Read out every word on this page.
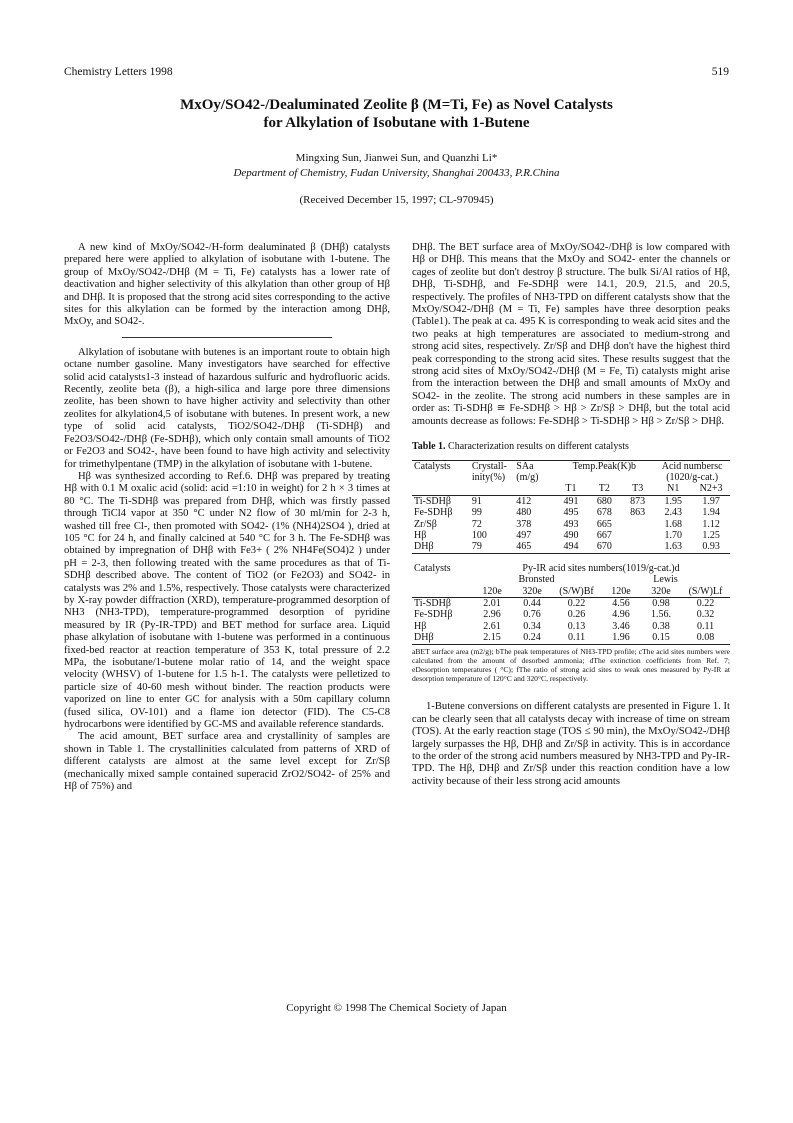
Chemistry Letters 1998	519
MxOy/SO42-/Dealuminated Zeolite β (M=Ti, Fe) as Novel Catalysts
for Alkylation of Isobutane with 1-Butene
Mingxing Sun, Jianwei Sun, and Quanzhi Li*
Department of Chemistry, Fudan University, Shanghai 200433, P.R.China
(Received December 15, 1997; CL-970945)

A new kind of MxOy/SO42-/H-form dealuminated β (DHβ) catalysts prepared here were applied to alkylation of isobutane with 1-butene. The group of MxOy/SO42-/DHβ (M = Ti, Fe) catalysts has a lower rate of deactivation and higher selectivity of this alkylation than other group of Hβ and DHβ. It is proposed that the strong acid sites corresponding to the active sites for this alkylation can be formed by the interaction among DHβ, MxOy, and SO42-.

Alkylation of isobutane with butenes is an important route to obtain high octane number gasoline. Many investigators have searched for effective solid acid catalysts1-3 instead of hazardous sulfuric and hydrofluoric acids. Recently, zeolite beta (β), a high-silica and large pore three dimensions zeolite, has been shown to have higher activity and selectivity than other zeolites for alkylation4,5 of isobutane with butenes. In present work, a new type of solid acid catalysts, TiO2/SO42-/DHβ (Ti-SDHβ) and Fe2O3/SO42-/DHβ (Fe-SDHβ), which only contain small amounts of TiO2 or Fe2O3 and SO42-, have been found to have high activity and selectivity for trimethylpentane (TMP) in the alkylation of isobutane with 1-butene.

Hβ was synthesized according to Ref.6. DHβ was prepared by treating Hβ with 0.1 M oxalic acid (solid: acid =1:10 in weight) for 2 h × 3 times at 80 °C. The Ti-SDHβ was prepared from DHβ, which was firstly passed through TiCl4 vapor at 350 °C under N2 flow of 30 ml/min for 2-3 h, washed till free Cl-, then promoted with SO42- (1% (NH4)2SO4 ), dried at 105 °C for 24 h, and finally calcined at 540 °C for 3 h. The Fe-SDHβ was obtained by impregnation of DHβ with Fe3+ ( 2% NH4Fe(SO4)2 ) under pH = 2-3, then following treated with the same procedures as that of Ti-SDHβ described above. The content of TiO2 (or Fe2O3) and SO42- in catalysts was 2% and 1.5%, respectively. Those catalysts were characterized by X-ray powder diffraction (XRD), temperature-programmed desorption of NH3 (NH3-TPD), temperature-programmed desorption of pyridine measured by IR (Py-IR-TPD) and BET method for surface area. Liquid phase alkylation of isobutane with 1-butene was performed in a continuous fixed-bed reactor at reaction temperature of 353 K, total pressure of 2.2 MPa, the isobutane/1-butene molar ratio of 14, and the weight space velocity (WHSV) of 1-butene for 1.5 h-1. The catalysts were pelletized to particle size of 40-60 mesh without binder. The reaction products were vaporized on line to enter GC for analysis with a 50m capillary column (fused silica, OV-101) and a flame ion detector (FID). The C5-C8 hydrocarbons were identified by GC-MS and available reference standards.

The acid amount, BET surface area and crystallinity of samples are shown in Table 1. The crystallinities calculated from patterns of XRD of different catalysts are almost at the same level except for Zr/Sβ (mechanically mixed sample contained superacid ZrO2/SO42- of 25% and Hβ of 75%) and

DHβ. The BET surface area of MxOy/SO42-/DHβ is low compared with Hβ or DHβ. This means that the MxOy and SO42- enter the channels or cages of zeolite but don't destroy β structure. The bulk Si/Al ratios of Hβ, DHβ, Ti-SDHβ, and Fe-SDHβ were 14.1, 20.9, 21.5, and 20.5, respectively. The profiles of NH3-TPD on different catalysts show that the MxOy/SO42-/DHβ (M = Ti, Fe) samples have three desorption peaks (Table1). The peak at ca. 495 K is corresponding to weak acid sites and the two peaks at high temperatures are associated to medium-strong and strong acid sites, respectively. Zr/Sβ and DHβ don't have the highest third peak corresponding to the strong acid sites. These results suggest that the strong acid sites of MxOy/SO42-/DHβ (M = Fe, Ti) catalysts might arise from the interaction between the DHβ and small amounts of MxOy and SO42- in the zeolite. The strong acid numbers in these samples are in order as: Ti-SDHβ ≅ Fe-SDHβ > Hβ > Zr/Sβ > DHβ, but the total acid amounts decrease as follows: Fe-SDHβ > Ti-SDHβ > Hβ > Zr/Sβ > DHβ.

Table 1. Characterization results on different catalysts
Catalysts	Crystall-	SAa	Temp.Peak(K)b			Acid numbersc	
	inity(%)	(m/g)				(1020/g-cat.)	
			T1	T2	T3	N1	N2+3
Ti-SDHβ	91	412	491	680	873	1.95	1.97
Fe-SDHβ	99	480	495	678	863	2.43	1.94
Zr/Sβ	72	378	493	665		1.68	1.12
Hβ	100	497	490	667		1.70	1.25
DHβ	79	465	494	670		1.63	0.93
Catalysts	Py-IR acid sites numbers(1019/g-cat.)d					
	Bronsted			Lewis		
	120e	320e	(S/W)Bf	120e	320e	(S/W)Lf
Ti-SDHβ	2.01	0.44	0.22	4.56	0.98	0.22
Fe-SDHβ	2.96	0.76	0.26	4.96	1.56.	0.32
Hβ	2.61	0.34	0.13	3.46	0.38	0.11
DHβ	2.15	0.24	0.11	1.96	0.15	0.08
aBET surface area (m2/g); bThe peak temperatures of NH3-TPD profile; cThe acid sites numbers were calculated from the amount of desorbed ammonia; dThe extinction coefficients from Ref. 7; eDesorption temperatures ( °C); fThe ratio of strong acid sites to weak ones measured by Py-IR at desorption temperature of 120°C and 320°C, respectively.

1-Butene conversions on different catalysts are presented in Figure 1. It can be clearly seen that all catalysts decay with increase of time on stream (TOS). At the early reaction stage (TOS ≤ 90 min), the MxOy/SO42-/DHβ largely surpasses the Hβ, DHβ and Zr/Sβ in activity. This is in accordance to the order of the strong acid numbers measured by NH3-TPD and Py-IR-TPD. The Hβ, DHβ and Zr/Sβ under this reaction condition have a low activity because of their less strong acid amounts

Copyright © 1998 The Chemical Society of Japan
